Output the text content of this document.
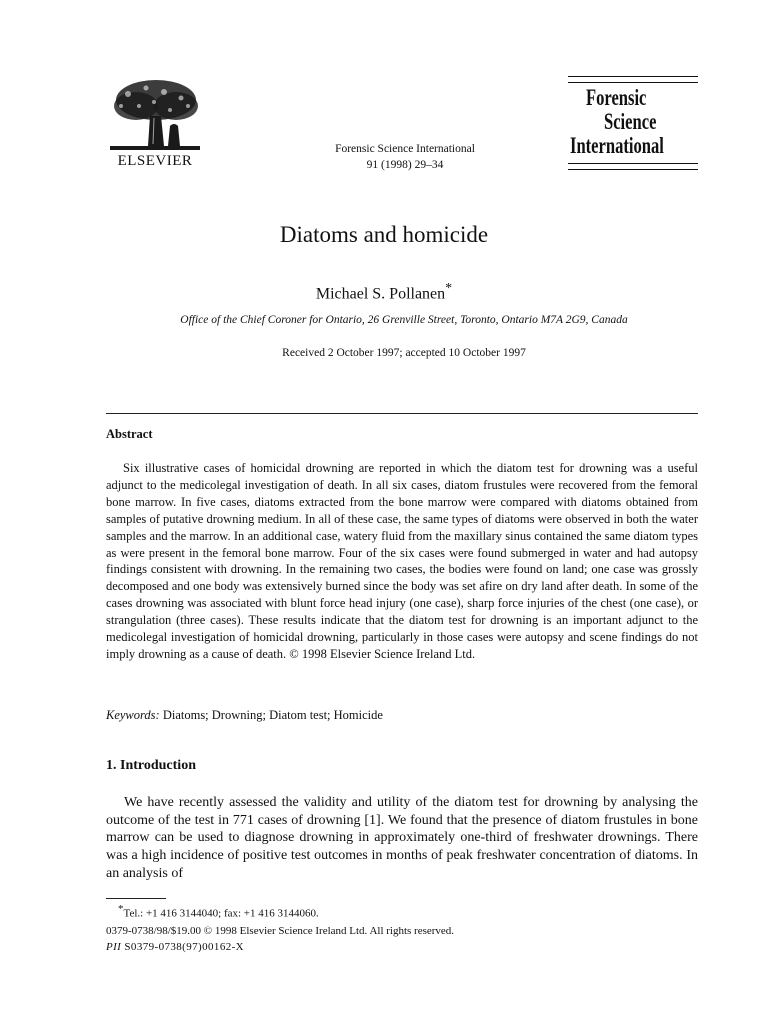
ELSEVIER
Forensic Science International
91 (1998) 29–34
Forensic
Science
International
Diatoms and homicide
Michael S. Pollanen*
Office of the Chief Coroner for Ontario, 26 Grenville Street, Toronto, Ontario M7A 2G9, Canada
Received 2 October 1997; accepted 10 October 1997
Abstract
Six illustrative cases of homicidal drowning are reported in which the diatom test for drowning was a useful adjunct to the medicolegal investigation of death. In all six cases, diatom frustules were recovered from the femoral bone marrow. In five cases, diatoms extracted from the bone marrow were compared with diatoms obtained from samples of putative drowning medium. In all of these case, the same types of diatoms were observed in both the water samples and the marrow. In an additional case, watery fluid from the maxillary sinus contained the same diatom types as were present in the femoral bone marrow. Four of the six cases were found submerged in water and had autopsy findings consistent with drowning. In the remaining two cases, the bodies were found on land; one case was grossly decomposed and one body was extensively burned since the body was set afire on dry land after death. In some of the cases drowning was associated with blunt force head injury (one case), sharp force injuries of the chest (one case), or strangulation (three cases). These results indicate that the diatom test for drowning is an important adjunct to the medicolegal investigation of homicidal drowning, particularly in those cases were autopsy and scene findings do not imply drowning as a cause of death. © 1998 Elsevier Science Ireland Ltd.
Keywords: Diatoms; Drowning; Diatom test; Homicide
1. Introduction
We have recently assessed the validity and utility of the diatom test for drowning by analysing the outcome of the test in 771 cases of drowning [1]. We found that the presence of diatom frustules in bone marrow can be used to diagnose drowning in approximately one-third of freshwater drownings. There was a high incidence of positive test outcomes in months of peak freshwater concentration of diatoms. In an analysis of
*Tel.: +1 416 3144040; fax: +1 416 3144060.
0379-0738/98/$19.00 © 1998 Elsevier Science Ireland Ltd. All rights reserved.
PII S0379-0738(97)00162-X
